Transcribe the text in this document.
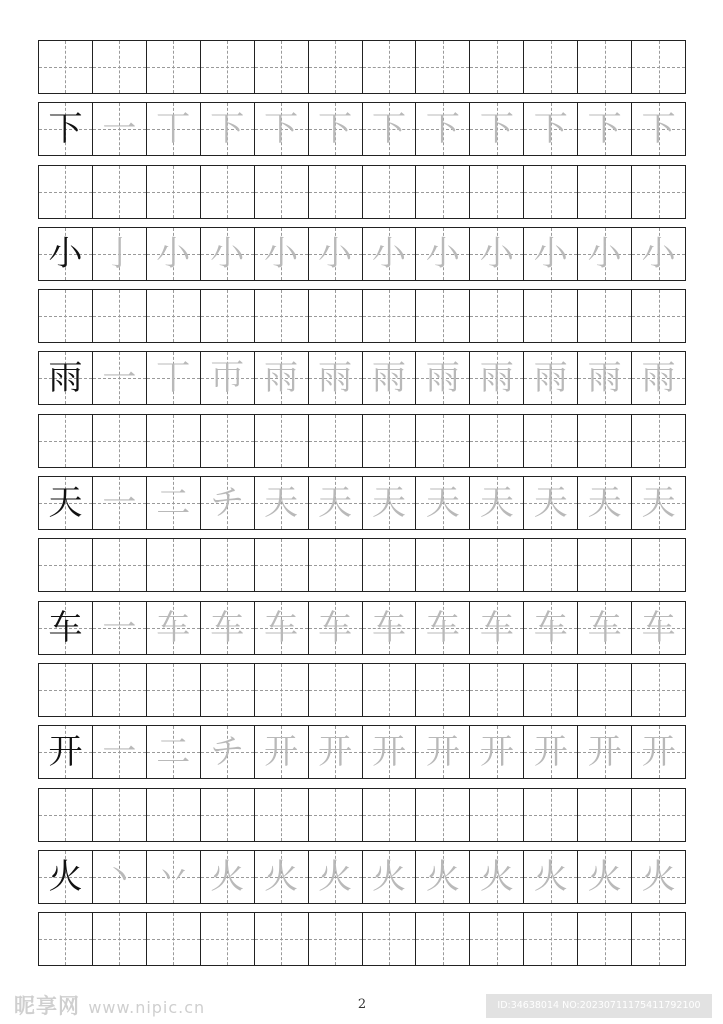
下 一 丅 下 下 下 下 下 下 下 下 下
小 亅 小 小 小 小 小 小 小 小 小 小
雨 一 丅 帀 雨 雨 雨 雨 雨 雨 雨 雨
天 一 二 チ 天 天 天 天 天 天 天 天
车 一 车 车 车 车 车 车 车 车 车 车
开 一 二 チ 开 开 开 开 开 开 开 开
火 丶 丷 火 火 火 火 火 火 火 火 火
昵享网 www.nipic.cn	2	ID:34638014 NO:20230711175411792100
